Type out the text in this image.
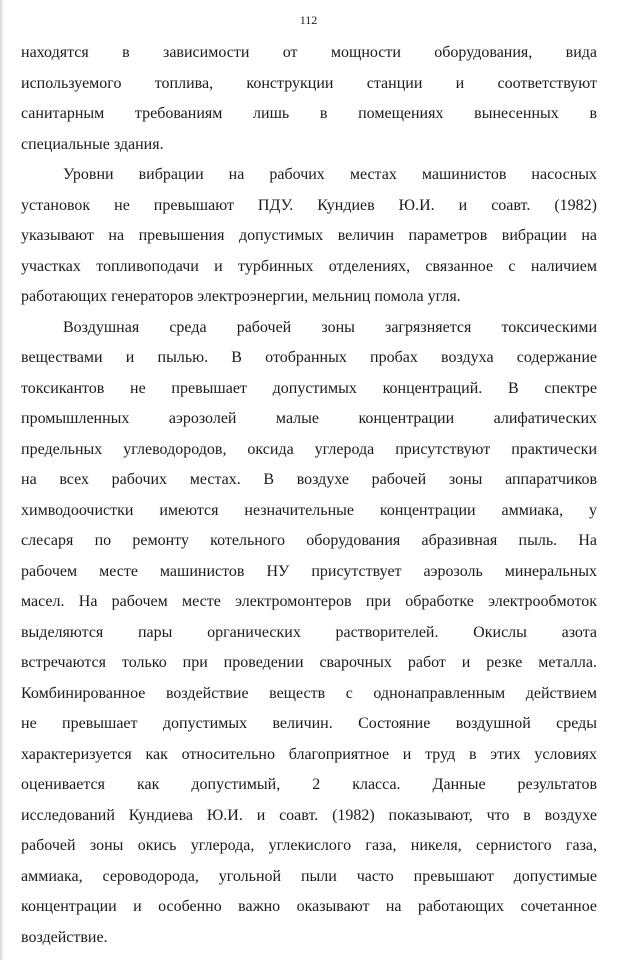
112
находятся в зависимости от мощности оборудования, вида
используемого топлива, конструкции станции и соответствуют
санитарным требованиям лишь в помещениях вынесенных в
специальные здания.
Уровни вибрации на рабочих местах машинистов насосных
установок не превышают ПДУ. Кундиев Ю.И. и соавт. (1982)
указывают на превышения допустимых величин параметров вибрации на
участках топливоподачи и турбинных отделениях, связанное с наличием
работающих генераторов электроэнергии, мельниц помола угля.
Воздушная среда рабочей зоны загрязняется токсическими
веществами и пылью. В отобранных пробах воздуха содержание
токсикантов не превышает допустимых концентраций. В спектре
промышленных аэрозолей малые концентрации алифатических
предельных углеводородов, оксида углерода присутствуют практически
на всех рабочих местах. В воздухе рабочей зоны аппаратчиков
химводоочистки имеются незначительные концентрации аммиака, у
слесаря по ремонту котельного оборудования абразивная пыль. На
рабочем месте машинистов НУ присутствует аэрозоль минеральных
масел. На рабочем месте электромонтеров при обработке электрообмоток
выделяются пары органических растворителей. Окислы азота
встречаются только при проведении сварочных работ и резке металла.
Комбинированное воздействие веществ с однонаправленным действием
не превышает допустимых величин. Состояние воздушной среды
характеризуется как относительно благоприятное и труд в этих условиях
оценивается как допустимый, 2 класса. Данные результатов
исследований Кундиева Ю.И. и соавт. (1982) показывают, что в воздухе
рабочей зоны окись углерода, углекислого газа, никеля, сернистого газа,
аммиака, сероводорода, угольной пыли часто превышают допустимые
концентрации и особенно важно оказывают на работающих сочетанное
воздействие.
